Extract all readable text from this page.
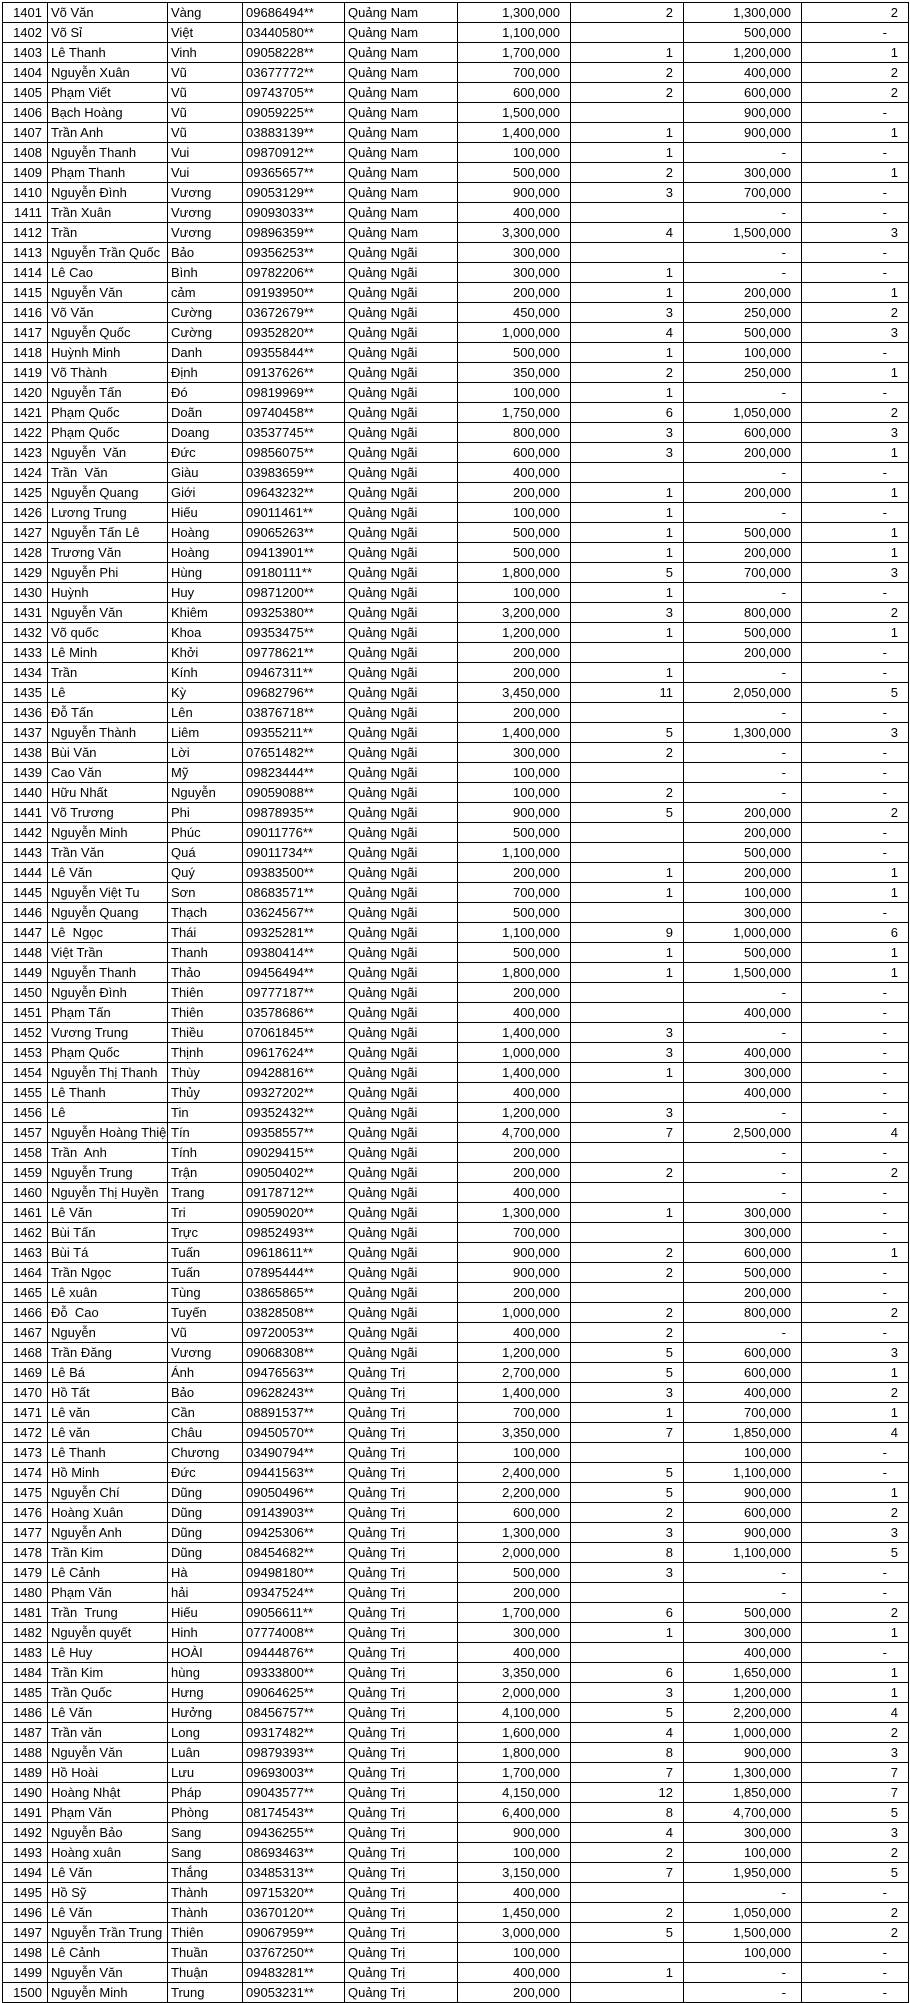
1401	Võ Văn	Vàng	09686494**	Quảng Nam	1,300,000	2	1,300,000	2
1402	Võ Sỉ	Việt	03440580**	Quảng Nam	1,100,000		500,000	-
1403	Lê Thanh	Vinh	09058228**	Quảng Nam	1,700,000	1	1,200,000	1
1404	Nguyễn Xuân	Vũ	03677772**	Quảng Nam	700,000	2	400,000	2
1405	Phạm Viết	Vũ	09743705**	Quảng Nam	600,000	2	600,000	2
1406	Bạch Hoàng	Vũ	09059225**	Quảng Nam	1,500,000		900,000	-
1407	Trần Anh	Vũ	03883139**	Quảng Nam	1,400,000	1	900,000	1
1408	Nguyễn Thanh	Vui	09870912**	Quảng Nam	100,000	1	-	-
1409	Phạm Thanh	Vui	09365657**	Quảng Nam	500,000	2	300,000	1
1410	Nguyễn Đình	Vương	09053129**	Quảng Nam	900,000	3	700,000	-
1411	Trần Xuân	Vương	09093033**	Quảng Nam	400,000		-	-
1412	Trần	Vương	09896359**	Quảng Nam	3,300,000	4	1,500,000	3
1413	Nguyễn Trần Quốc	Bảo	09356253**	Quảng Ngãi	300,000		-	-
1414	Lê Cao	Bình	09782206**	Quảng Ngãi	300,000	1	-	-
1415	Nguyễn Văn	cảm	09193950**	Quảng Ngãi	200,000	1	200,000	1
1416	Võ Văn	Cường	03672679**	Quảng Ngãi	450,000	3	250,000	2
1417	Nguyễn Quốc	Cường	09352820**	Quảng Ngãi	1,000,000	4	500,000	3
1418	Huỳnh Minh	Danh	09355844**	Quảng Ngãi	500,000	1	100,000	-
1419	Võ Thành	Định	09137626**	Quảng Ngãi	350,000	2	250,000	1
1420	Nguyễn Tấn	Đó	09819969**	Quảng Ngãi	100,000	1	-	-
1421	Phạm Quốc	Doãn	09740458**	Quảng Ngãi	1,750,000	6	1,050,000	2
1422	Phạm Quốc	Doang	03537745**	Quảng Ngãi	800,000	3	600,000	3
1423	Nguyễn  Văn	Đức	09856075**	Quảng Ngãi	600,000	3	200,000	1
1424	Trần  Văn	Giàu	03983659**	Quảng Ngãi	400,000		-	-
1425	Nguyễn Quang	Giới	09643232**	Quảng Ngãi	200,000	1	200,000	1
1426	Lương Trung	Hiếu	09011461**	Quảng Ngãi	100,000	1	-	-
1427	Nguyễn Tấn Lê	Hoàng	09065263**	Quảng Ngãi	500,000	1	500,000	1
1428	Trương Văn	Hoàng	09413901**	Quảng Ngãi	500,000	1	200,000	1
1429	Nguyễn Phi	Hùng	09180111**	Quảng Ngãi	1,800,000	5	700,000	3
1430	Huỳnh	Huy	09871200**	Quảng Ngãi	100,000	1	-	-
1431	Nguyễn Văn	Khiêm	09325380**	Quảng Ngãi	3,200,000	3	800,000	2
1432	Võ quốc	Khoa	09353475**	Quảng Ngãi	1,200,000	1	500,000	1
1433	Lê Minh	Khởi	09778621**	Quảng Ngãi	200,000		200,000	-
1434	Trần	Kính	09467311**	Quảng Ngãi	200,000	1	-	-
1435	Lê	Kỳ	09682796**	Quảng Ngãi	3,450,000	11	2,050,000	5
1436	Đỗ Tấn	Lên	03876718**	Quảng Ngãi	200,000		-	-
1437	Nguyễn Thành	Liêm	09355211**	Quảng Ngãi	1,400,000	5	1,300,000	3
1438	Bùi Văn	Lời	07651482**	Quảng Ngãi	300,000	2	-	-
1439	Cao Văn	Mỹ	09823444**	Quảng Ngãi	100,000		-	-
1440	Hữu Nhất	Nguyễn	09059088**	Quảng Ngãi	100,000	2	-	-
1441	Võ Trương	Phi	09878935**	Quảng Ngãi	900,000	5	200,000	2
1442	Nguyễn Minh	Phúc	09011776**	Quảng Ngãi	500,000		200,000	-
1443	Trần Văn	Quá	09011734**	Quảng Ngãi	1,100,000		500,000	-
1444	Lê Văn	Quý	09383500**	Quảng Ngãi	200,000	1	200,000	1
1445	Nguyễn Việt Tu	Sơn	08683571**	Quảng Ngãi	700,000	1	100,000	1
1446	Nguyễn Quang	Thạch	03624567**	Quảng Ngãi	500,000		300,000	-
1447	Lê  Ngọc	Thái	09325281**	Quảng Ngãi	1,100,000	9	1,000,000	6
1448	Việt Trần	Thanh	09380414**	Quảng Ngãi	500,000	1	500,000	1
1449	Nguyễn Thanh	Thảo	09456494**	Quảng Ngãi	1,800,000	1	1,500,000	1
1450	Nguyễn Đình	Thiên	09777187**	Quảng Ngãi	200,000		-	-
1451	Phạm Tấn	Thiên	03578686**	Quảng Ngãi	400,000		400,000	-
1452	Vương Trung	Thiều	07061845**	Quảng Ngãi	1,400,000	3	-	-
1453	Phạm Quốc	Thịnh	09617624**	Quảng Ngãi	1,000,000	3	400,000	-
1454	Nguyễn Thị Thanh	Thùy	09428816**	Quảng Ngãi	1,400,000	1	300,000	-
1455	Lê Thanh	Thủy	09327202**	Quảng Ngãi	400,000		400,000	-
1456	Lê	Tin	09352432**	Quảng Ngãi	1,200,000	3	-	-
1457	Nguyễn Hoàng Thiệ	Tín	09358557**	Quảng Ngãi	4,700,000	7	2,500,000	4
1458	Trần  Anh	Tính	09029415**	Quảng Ngãi	200,000		-	-
1459	Nguyễn Trung	Trận	09050402**	Quảng Ngãi	200,000	2	-	2
1460	Nguyễn Thị Huyền	Trang	09178712**	Quảng Ngãi	400,000		-	-
1461	Lê Văn	Tri	09059020**	Quảng Ngãi	1,300,000	1	300,000	-
1462	Bùi Tấn	Trực	09852493**	Quảng Ngãi	700,000		300,000	-
1463	Bùi Tá	Tuấn	09618611**	Quảng Ngãi	900,000	2	600,000	1
1464	Trần Ngọc	Tuấn	07895444**	Quảng Ngãi	900,000	2	500,000	-
1465	Lê xuân	Tùng	03865865**	Quảng Ngãi	200,000		200,000	-
1466	Đỗ  Cao	Tuyến	03828508**	Quảng Ngãi	1,000,000	2	800,000	2
1467	Nguyễn	Vũ	09720053**	Quảng Ngãi	400,000	2	-	-
1468	Trần Đăng	Vương	09068308**	Quảng Ngãi	1,200,000	5	600,000	3
1469	Lê Bá	Ánh	09476563**	Quảng Trị	2,700,000	5	600,000	1
1470	Hồ Tất	Bảo	09628243**	Quảng Trị	1,400,000	3	400,000	2
1471	Lê văn	Cần	08891537**	Quảng Trị	700,000	1	700,000	1
1472	Lê văn	Châu	09450570**	Quảng Trị	3,350,000	7	1,850,000	4
1473	Lê Thanh	Chương	03490794**	Quảng Trị	100,000		100,000	-
1474	Hồ Minh	Đức	09441563**	Quảng Trị	2,400,000	5	1,100,000	-
1475	Nguyễn Chí	Dũng	09050496**	Quảng Trị	2,200,000	5	900,000	1
1476	Hoàng Xuân	Dũng	09143903**	Quảng Trị	600,000	2	600,000	2
1477	Nguyễn Anh	Dũng	09425306**	Quảng Trị	1,300,000	3	900,000	3
1478	Trần Kim	Dũng	08454682**	Quảng Trị	2,000,000	8	1,100,000	5
1479	Lê Cảnh	Hà	09498180**	Quảng Trị	500,000	3	-	-
1480	Phạm Văn	hải	09347524**	Quảng Trị	200,000		-	-
1481	Trần  Trung	Hiếu	09056611**	Quảng Trị	1,700,000	6	500,000	2
1482	Nguyễn quyết	Hinh	07774008**	Quảng Trị	300,000	1	300,000	1
1483	Lê Huy	HOÀI	09444876**	Quảng Trị	400,000		400,000	-
1484	Trần Kim	hùng	09333800**	Quảng Trị	3,350,000	6	1,650,000	1
1485	Trần Quốc	Hưng	09064625**	Quảng Trị	2,000,000	3	1,200,000	1
1486	Lê Văn	Hưởng	08456757**	Quảng Trị	4,100,000	5	2,200,000	4
1487	Trần văn	Long	09317482**	Quảng Trị	1,600,000	4	1,000,000	2
1488	Nguyễn Văn	Luân	09879393**	Quảng Trị	1,800,000	8	900,000	3
1489	Hồ Hoài	Lưu	09693003**	Quảng Trị	1,700,000	7	1,300,000	7
1490	Hoàng Nhật	Pháp	09043577**	Quảng Trị	4,150,000	12	1,850,000	7
1491	Phạm Văn	Phòng	08174543**	Quảng Trị	6,400,000	8	4,700,000	5
1492	Nguyễn Bảo	Sang	09436255**	Quảng Trị	900,000	4	300,000	3
1493	Hoàng xuân	Sang	08693463**	Quảng Trị	100,000	2	100,000	2
1494	Lê Văn	Thắng	03485313**	Quảng Trị	3,150,000	7	1,950,000	5
1495	Hồ Sỹ	Thành	09715320**	Quảng Trị	400,000		-	-
1496	Lê Văn	Thành	03670120**	Quảng Trị	1,450,000	2	1,050,000	2
1497	Nguyễn Trần Trung	Thiên	09067959**	Quảng Trị	3,000,000	5	1,500,000	2
1498	Lê Cảnh	Thuần	03767250**	Quảng Trị	100,000		100,000	-
1499	Nguyễn Văn	Thuận	09483281**	Quảng Trị	400,000	1	-	-
1500	Nguyễn Minh	Trung	09053231**	Quảng Trị	200,000		-	-
